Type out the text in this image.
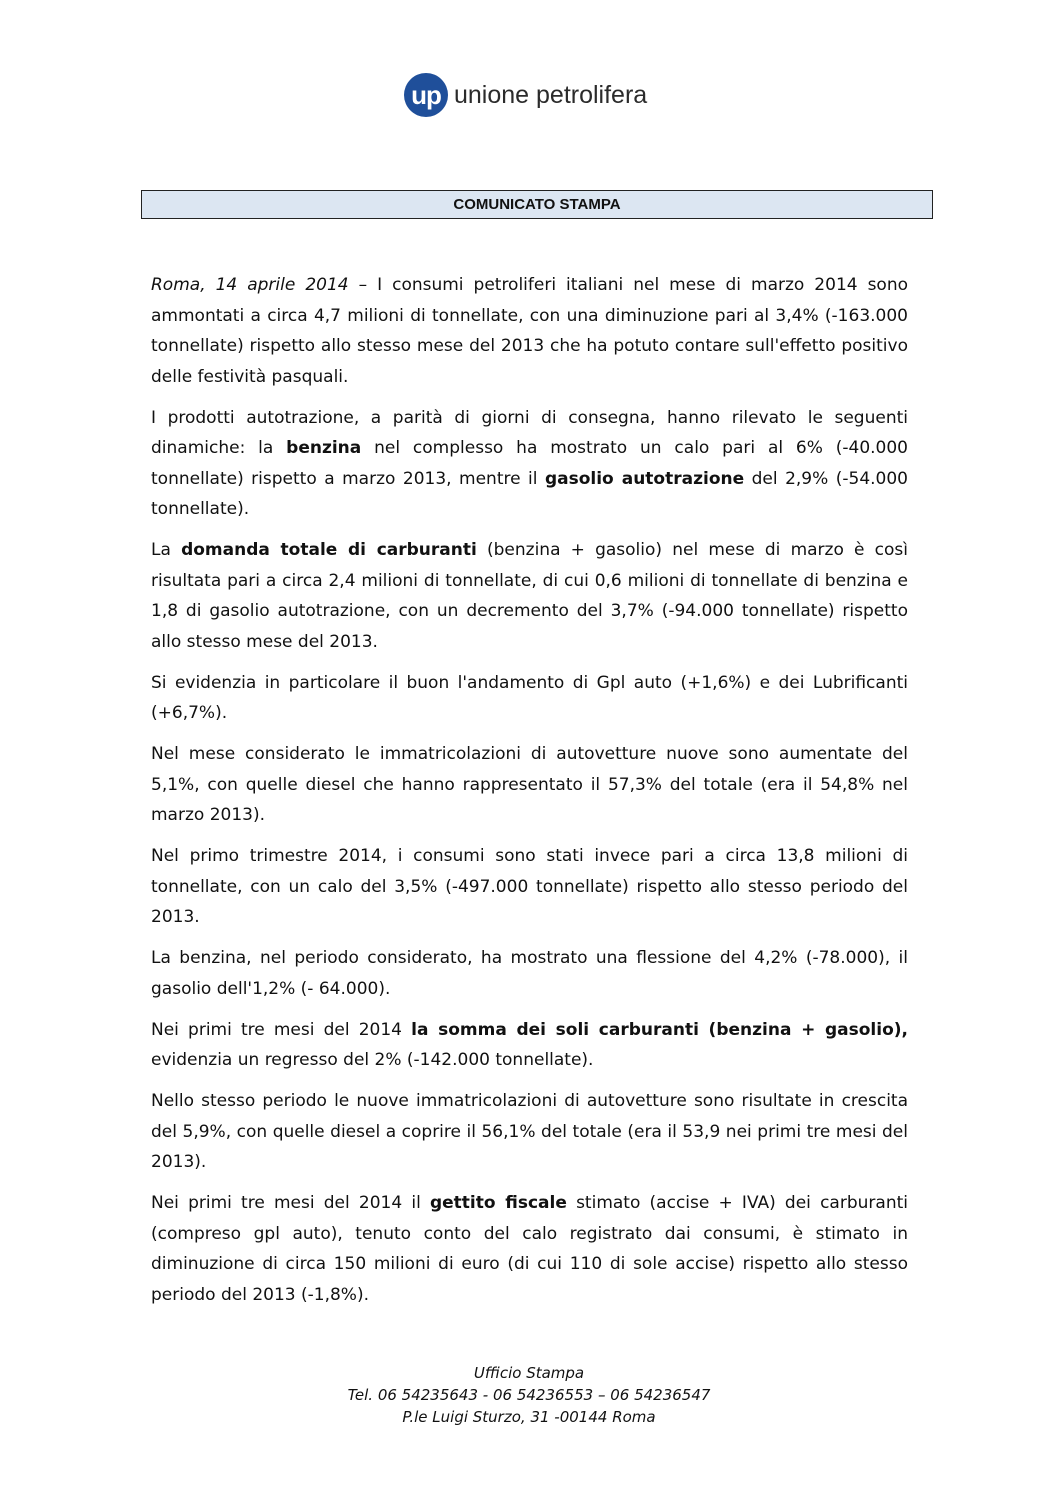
up unione petrolifera
COMUNICATO STAMPA

Roma, 14 aprile 2014 – I consumi petroliferi italiani nel mese di marzo 2014 sono ammontati a circa 4,7 milioni di tonnellate, con una diminuzione pari al 3,4% (-163.000 tonnellate) rispetto allo stesso mese del 2013 che ha potuto contare sull'effetto positivo delle festività pasquali.

I prodotti autotrazione, a parità di giorni di consegna, hanno rilevato le seguenti dinamiche: la benzina nel complesso ha mostrato un calo pari al 6% (-40.000 tonnellate) rispetto a marzo 2013, mentre il gasolio autotrazione del 2,9% (-54.000 tonnellate).

La domanda totale di carburanti (benzina + gasolio) nel mese di marzo è così risultata pari a circa 2,4 milioni di tonnellate, di cui 0,6 milioni di tonnellate di benzina e 1,8 di gasolio autotrazione, con un decremento del 3,7% (-94.000 tonnellate) rispetto allo stesso mese del 2013.

Si evidenzia in particolare il buon l'andamento di Gpl auto (+1,6%) e dei Lubrificanti (+6,7%).

Nel mese considerato le immatricolazioni di autovetture nuove sono aumentate del 5,1%, con quelle diesel che hanno rappresentato il 57,3% del totale (era il 54,8% nel marzo 2013).

Nel primo trimestre 2014, i consumi sono stati invece pari a circa 13,8 milioni di tonnellate, con un calo del 3,5% (-497.000 tonnellate) rispetto allo stesso periodo del 2013.

La benzina, nel periodo considerato, ha mostrato una flessione del 4,2% (-78.000), il gasolio dell'1,2% (- 64.000).

Nei primi tre mesi del 2014 la somma dei soli carburanti (benzina + gasolio), evidenzia un regresso del 2% (-142.000 tonnellate).

Nello stesso periodo le nuove immatricolazioni di autovetture sono risultate in crescita del 5,9%, con quelle diesel a coprire il 56,1% del totale (era il 53,9 nei primi tre mesi del 2013).

Nei primi tre mesi del 2014 il gettito fiscale stimato (accise + IVA) dei carburanti (compreso gpl auto), tenuto conto del calo registrato dai consumi, è stimato in diminuzione di circa 150 milioni di euro (di cui 110 di sole accise) rispetto allo stesso periodo del 2013 (-1,8%).

Ufficio Stampa
Tel. 06 54235643 - 06 54236553 – 06 54236547
P.le Luigi Sturzo, 31 -00144 Roma
